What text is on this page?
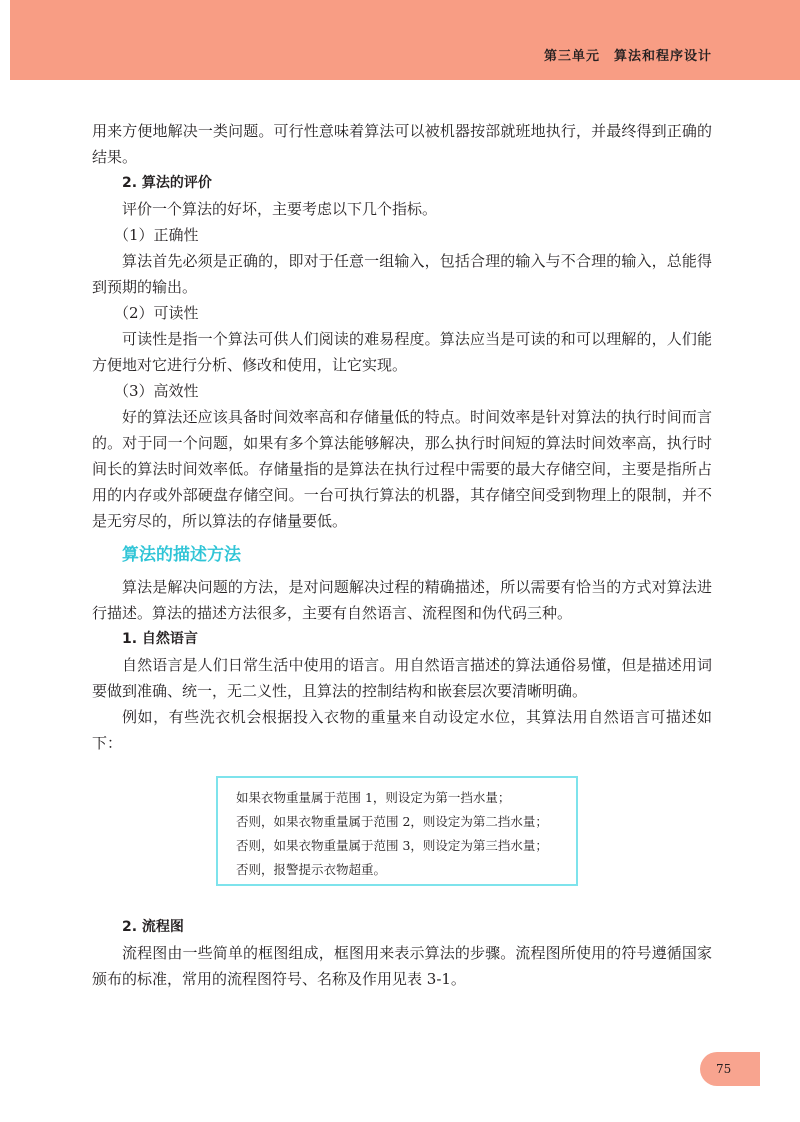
第三单元　算法和程序设计

用来方便地解决一类问题。可行性意味着算法可以被机器按部就班地执行，并最终得到正确的结果。

2. 算法的评价

评价一个算法的好坏，主要考虑以下几个指标。

（1）正确性

算法首先必须是正确的，即对于任意一组输入，包括合理的输入与不合理的输入，总能得到预期的输出。

（2）可读性

可读性是指一个算法可供人们阅读的难易程度。算法应当是可读的和可以理解的，人们能方便地对它进行分析、修改和使用，让它实现。

（3）高效性

好的算法还应该具备时间效率高和存储量低的特点。时间效率是针对算法的执行时间而言的。对于同一个问题，如果有多个算法能够解决，那么执行时间短的算法时间效率高，执行时间长的算法时间效率低。存储量指的是算法在执行过程中需要的最大存储空间，主要是指所占用的内存或外部硬盘存储空间。一台可执行算法的机器，其存储空间受到物理上的限制，并不是无穷尽的，所以算法的存储量要低。

算法的描述方法

算法是解决问题的方法，是对问题解决过程的精确描述，所以需要有恰当的方式对算法进行描述。算法的描述方法很多，主要有自然语言、流程图和伪代码三种。

1. 自然语言

自然语言是人们日常生活中使用的语言。用自然语言描述的算法通俗易懂，但是描述用词要做到准确、统一，无二义性，且算法的控制结构和嵌套层次要清晰明确。

例如，有些洗衣机会根据投入衣物的重量来自动设定水位，其算法用自然语言可描述如下：

如果衣物重量属于范围 1，则设定为第一挡水量；

否则，如果衣物重量属于范围 2，则设定为第二挡水量；

否则，如果衣物重量属于范围 3，则设定为第三挡水量；

否则，报警提示衣物超重。

2. 流程图

流程图由一些简单的框图组成，框图用来表示算法的步骤。流程图所使用的符号遵循国家颁布的标准，常用的流程图符号、名称及作用见表 3-1。

75
